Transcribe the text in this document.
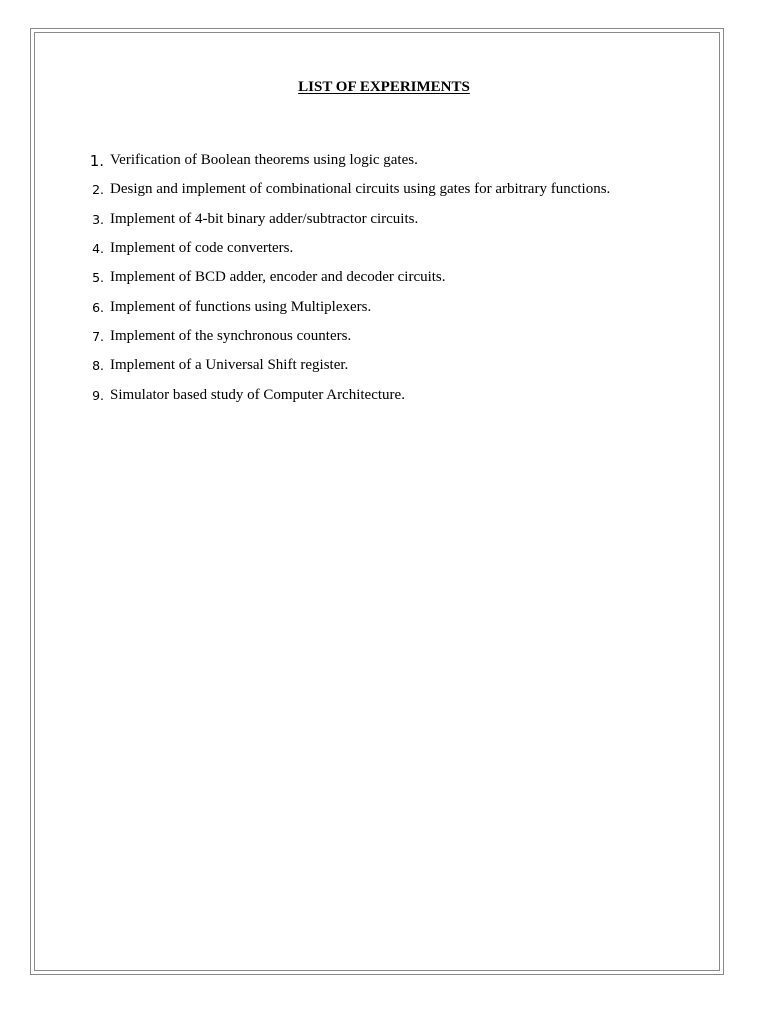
LIST OF EXPERIMENTS
1. Verification of Boolean theorems using logic gates.
2. Design and implement of combinational circuits using gates for arbitrary functions.
3. Implement of 4-bit binary adder/subtractor circuits.
4. Implement of code converters.
5. Implement of BCD adder, encoder and decoder circuits.
6. Implement of functions using Multiplexers.
7. Implement of the synchronous counters.
8. Implement of a Universal Shift register.
9. Simulator based study of Computer Architecture.
